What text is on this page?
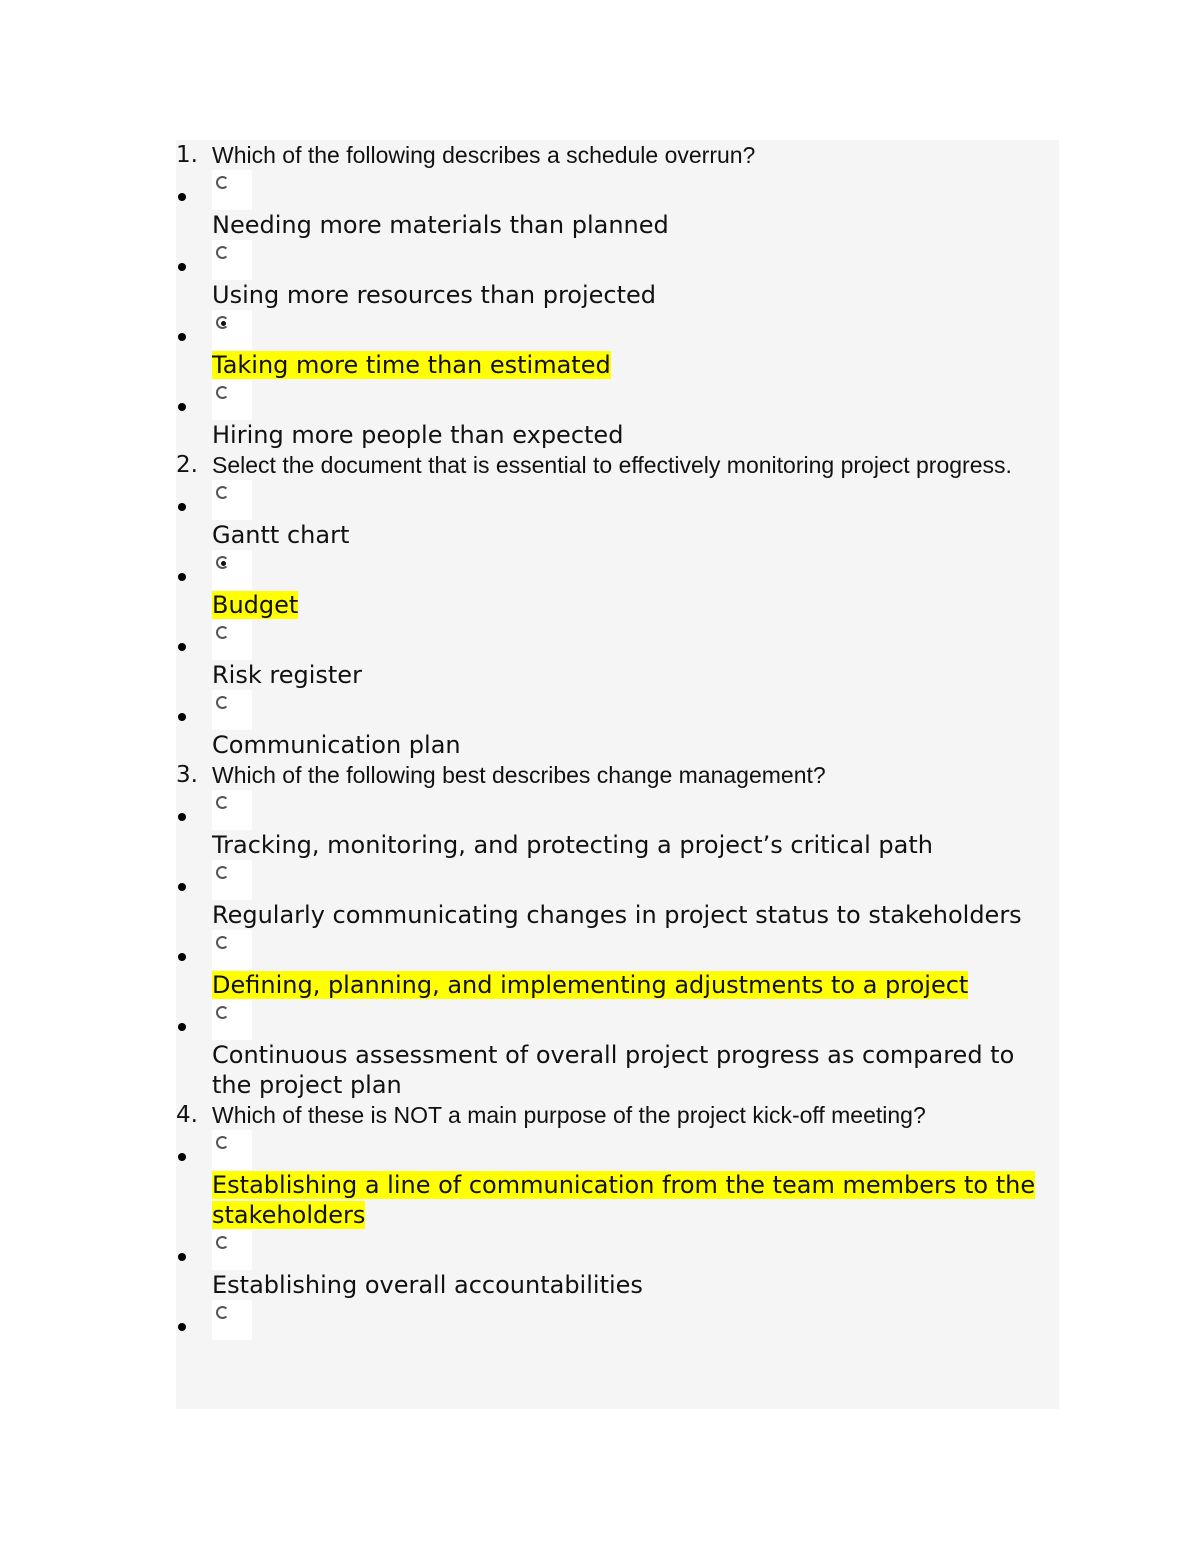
1. Which of the following describes a schedule overrun?
Needing more materials than planned
Using more resources than projected
Taking more time than estimated
Hiring more people than expected
2. Select the document that is essential to effectively monitoring project progress.
Gantt chart
Budget
Risk register
Communication plan
3. Which of the following best describes change management?
Tracking, monitoring, and protecting a project’s critical path
Regularly communicating changes in project status to stakeholders
Defining, planning, and implementing adjustments to a project
Continuous assessment of overall project progress as compared to the project plan
4. Which of these is NOT a main purpose of the project kick-off meeting?
Establishing a line of communication from the team members to the stakeholders
Establishing overall accountabilities
